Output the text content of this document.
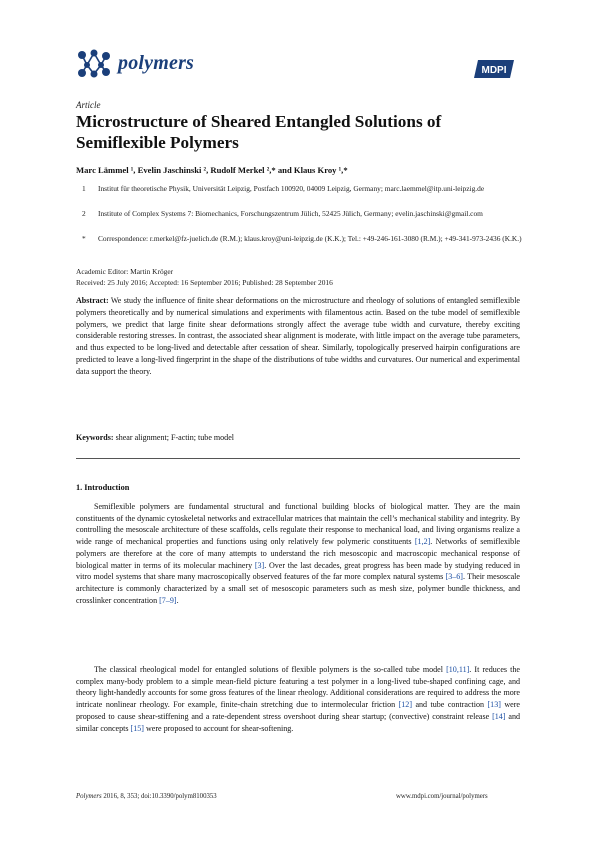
polymers	MDPI
Article
Microstructure of Sheared Entangled Solutions of Semiflexible Polymers
Marc Lämmel ¹, Evelin Jaschinski ², Rudolf Merkel ²,* and Klaus Kroy ¹,*
1	Institut für theoretische Physik, Universität Leipzig, Postfach 100920, 04009 Leipzig, Germany; marc.laemmel@itp.uni-leipzig.de
2	Institute of Complex Systems 7: Biomechanics, Forschungszentrum Jülich, 52425 Jülich, Germany; evelin.jaschinski@gmail.com
*	Correspondence: r.merkel@fz-juelich.de (R.M.); klaus.kroy@uni-leipzig.de (K.K.); Tel.: +49-246-161-3080 (R.M.); +49-341-973-2436 (K.K.)
Academic Editor: Martin Kröger
Received: 25 July 2016; Accepted: 16 September 2016; Published: 28 September 2016
Abstract: We study the influence of finite shear deformations on the microstructure and rheology of solutions of entangled semiflexible polymers theoretically and by numerical simulations and experiments with filamentous actin. Based on the tube model of semiflexible polymers, we predict that large finite shear deformations strongly affect the average tube width and curvature, thereby exciting considerable restoring stresses. In contrast, the associated shear alignment is moderate, with little impact on the average tube parameters, and thus expected to be long-lived and detectable after cessation of shear. Similarly, topologically preserved hairpin configurations are predicted to leave a long-lived fingerprint in the shape of the distributions of tube widths and curvatures. Our numerical and experimental data support the theory.
Keywords: shear alignment; F-actin; tube model
1. Introduction
Semiflexible polymers are fundamental structural and functional building blocks of biological matter. They are the main constituents of the dynamic cytoskeletal networks and extracellular matrices that maintain the cell’s mechanical stability and integrity. By controlling the mesoscale architecture of these scaffolds, cells regulate their response to mechanical load, and living organisms realize a wide range of mechanical properties and functions using only relatively few polymeric constituents [1,2]. Networks of semiflexible polymers are therefore at the core of many attempts to understand the rich mesoscopic and macroscopic mechanical response of biological matter in terms of its molecular machinery [3]. Over the last decades, great progress has been made by studying reduced in vitro model systems that share many macroscopically observed features of the far more complex natural systems [3–6]. Their mesoscale architecture is commonly characterized by a small set of mesoscopic parameters such as mesh size, polymer bundle thickness, and crosslinker concentration [7–9].
The classical rheological model for entangled solutions of flexible polymers is the so-called tube model [10,11]. It reduces the complex many-body problem to a simple mean-field picture featuring a test polymer in a long-lived tube-shaped confining cage, and theory light-handedly accounts for some gross features of the linear rheology. Additional considerations are required to address the more intricate nonlinear rheology. For example, finite-chain stretching due to intermolecular friction [12] and tube contraction [13] were proposed to cause shear-stiffening and a rate-dependent stress overshoot during shear startup; (convective) constraint release [14] and similar concepts [15] were proposed to account for shear-softening.
Polymers 2016, 8, 353; doi:10.3390/polym8100353	www.mdpi.com/journal/polymers
